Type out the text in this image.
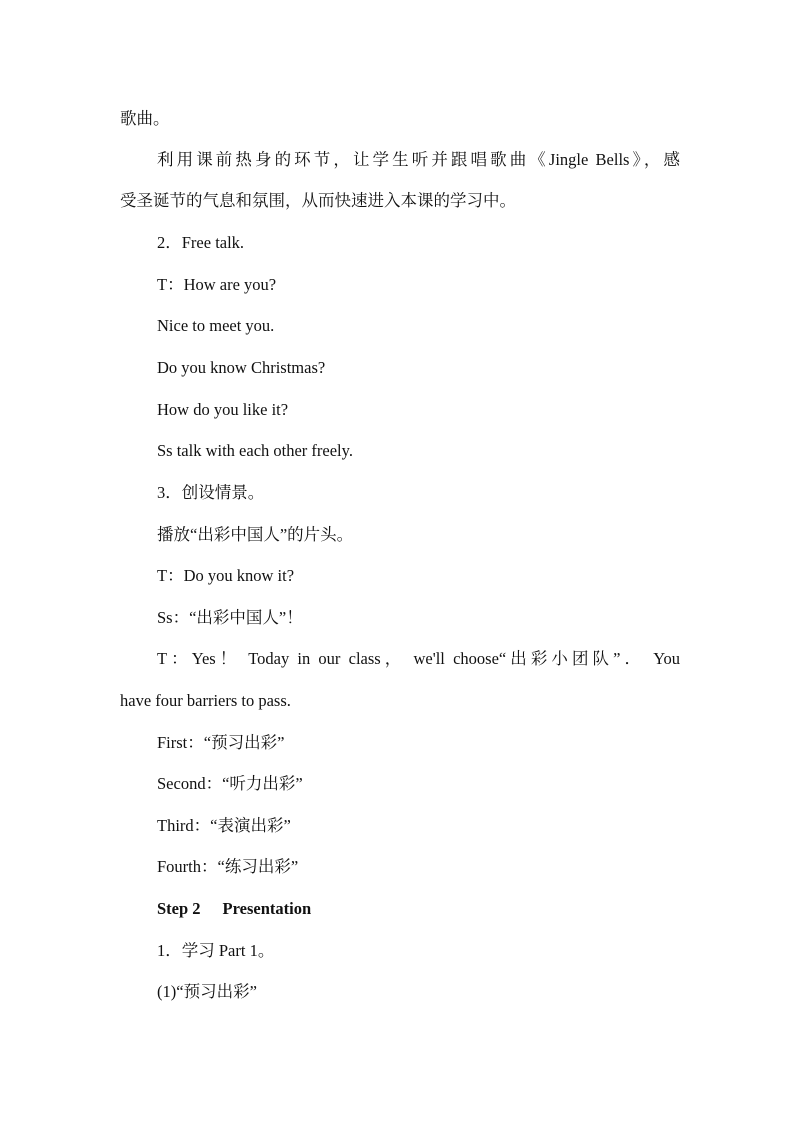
歌曲。
利用课前热身的环节，让学生听并跟唱歌曲《Jingle Bells》，感
受圣诞节的气息和氛围，从而快速进入本课的学习中。
2．Free talk.
T：How are you?
Nice to meet you.
Do you know Christmas?
How do you like it?
Ss talk with each other freely.
3．创设情景。
播放“出彩中国人”的片头。
T：Do you know it?
Ss：“出彩中国人”！
T：Yes！ Today in our class， we'll choose“出彩小团队”． You
have four barriers to pass.
First：“预习出彩”
Second：“听力出彩”
Third：“表演出彩”
Fourth：“练习出彩”
Step 2 Presentation
1．学习 Part 1。
(1)“预习出彩”
